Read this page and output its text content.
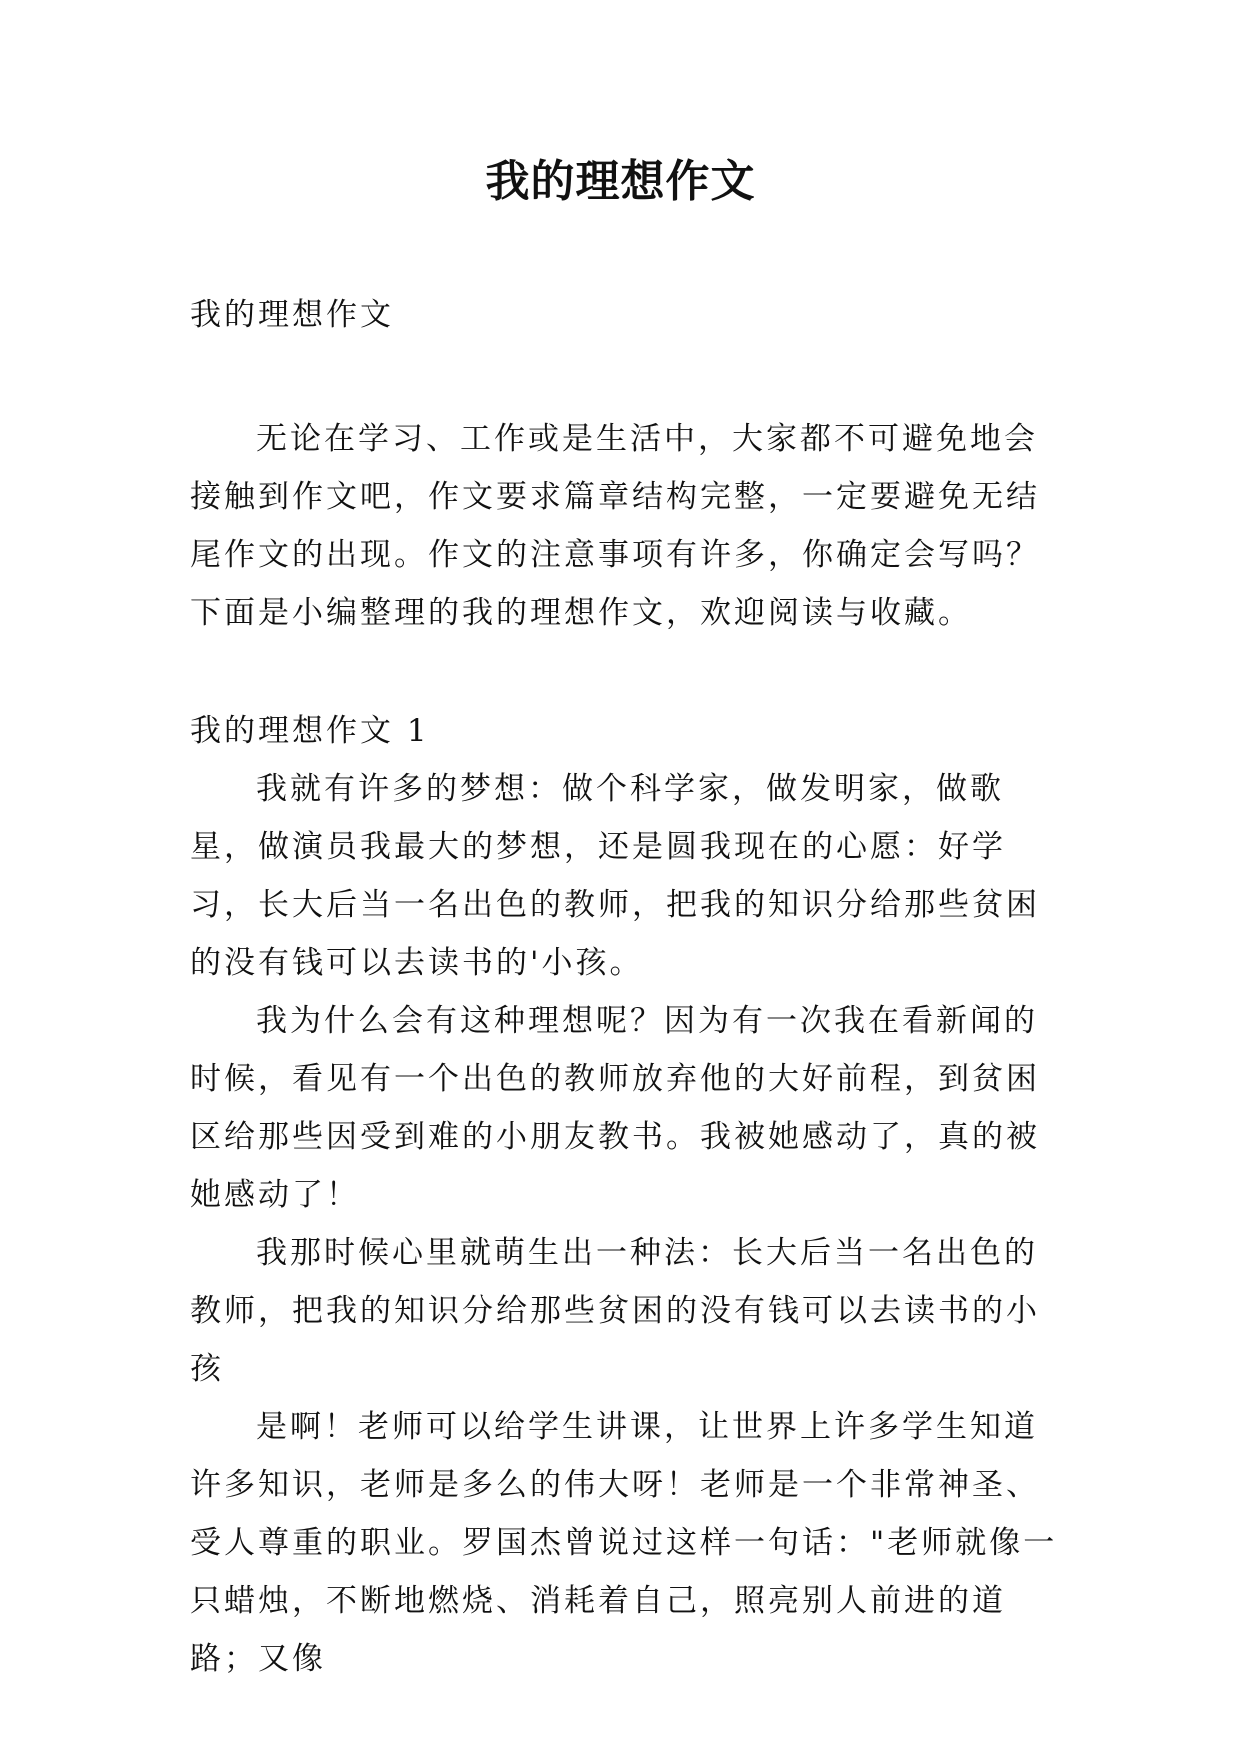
我的理想作文

我的理想作文

无论在学习、工作或是生活中，大家都不可避免地会接触到作文吧，作文要求篇章结构完整，一定要避免无结尾作文的出现。作文的注意事项有许多，你确定会写吗？下面是小编整理的我的理想作文，欢迎阅读与收藏。

我的理想作文 1

我就有许多的梦想：做个科学家，做发明家，做歌星，做演员我最大的梦想，还是圆我现在的心愿：好学习，长大后当一名出色的教师，把我的知识分给那些贫困的没有钱可以去读书的'小孩。

我为什么会有这种理想呢？因为有一次我在看新闻的时候，看见有一个出色的教师放弃他的大好前程，到贫困区给那些因受到难的小朋友教书。我被她感动了，真的被她感动了！

我那时候心里就萌生出一种法：长大后当一名出色的教师，把我的知识分给那些贫困的没有钱可以去读书的小孩

是啊！老师可以给学生讲课，让世界上许多学生知道许多知识，老师是多么的伟大呀！老师是一个非常神圣、受人尊重的职业。罗国杰曾说过这样一句话："老师就像一只蜡烛，不断地燃烧、消耗着自己，照亮别人前进的道路；又像
